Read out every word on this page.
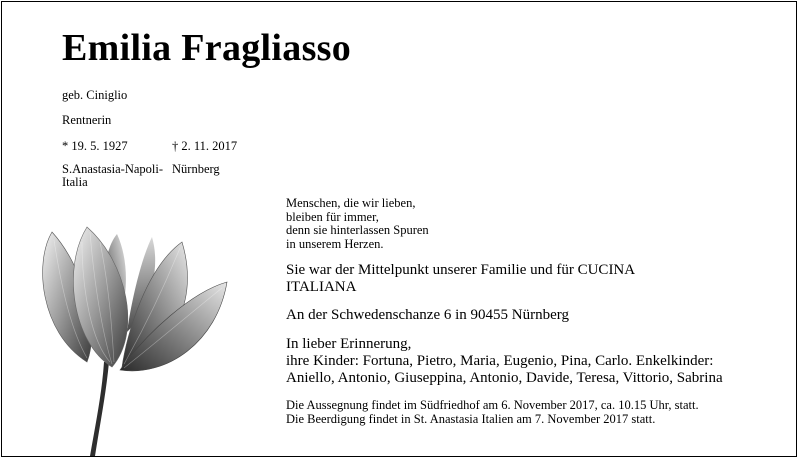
Emilia Fragliasso
geb. Ciniglio
Rentnerin
* 19. 5. 1927	† 2. 11. 2017
S.Anastasia-Napoli-
Italia
Nürnberg
Menschen, die wir lieben,
bleiben für immer,
denn sie hinterlassen Spuren
in unserem Herzen.
Sie war der Mittelpunkt unserer Familie und für CUCINA
ITALIANA
An der Schwedenschanze 6 in 90455 Nürnberg
In lieber Erinnerung,
ihre Kinder: Fortuna, Pietro, Maria, Eugenio, Pina, Carlo. Enkelkinder:
Aniello, Antonio, Giuseppina, Antonio, Davide, Teresa, Vittorio, Sabrina
Die Aussegnung findet im Südfriedhof am 6. November 2017, ca. 10.15 Uhr, statt.
Die Beerdigung findet in St. Anastasia Italien am 7. November 2017 statt.
